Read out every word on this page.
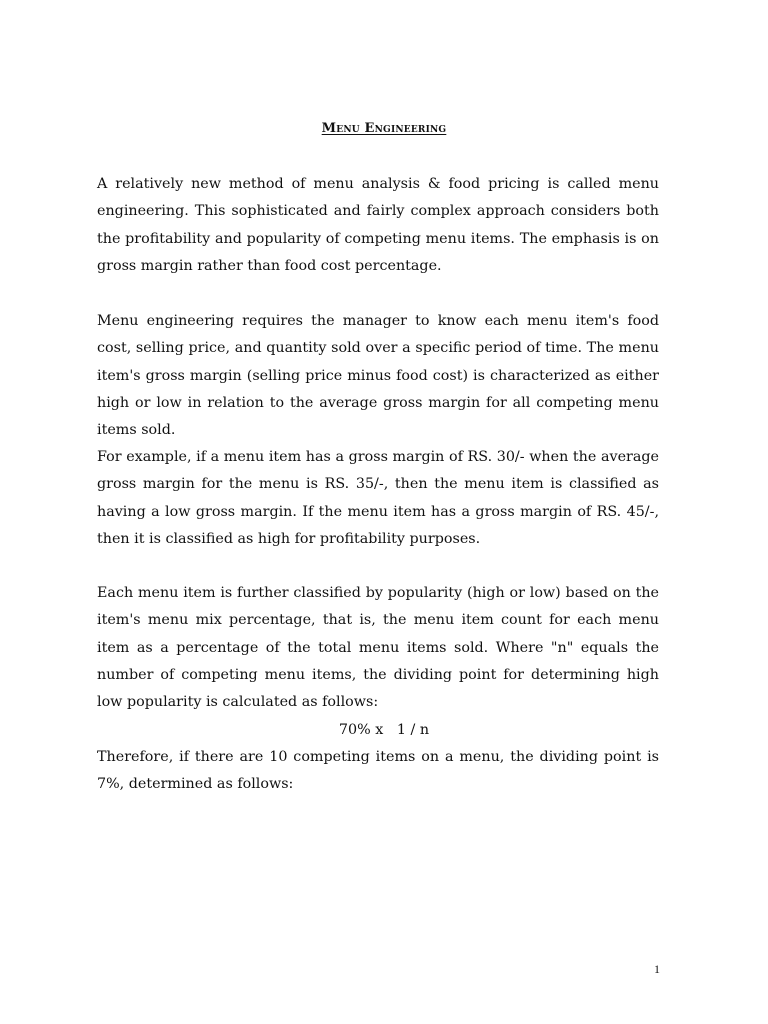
Menu Engineering

A relatively new method of menu analysis & food pricing is called menu engineering. This sophisticated and fairly complex approach considers both the profitability and popularity of competing menu items. The emphasis is on gross margin rather than food cost percentage.

Menu engineering requires the manager to know each menu item's food cost, selling price, and quantity sold over a specific period of time. The menu item's gross margin (selling price minus food cost) is characterized as either high or low in relation to the average gross margin for all competing menu items sold.

For example, if a menu item has a gross margin of RS. 30/- when the average gross margin for the menu is RS. 35/-, then the menu item is classified as having a low gross margin. If the menu item has a gross margin of RS. 45/-, then it is classified as high for profitability purposes.

Each menu item is further classified by popularity (high or low) based on the item's menu mix percentage, that is, the menu item count for each menu item as a percentage of the total menu items sold. Where "n" equals the number of competing menu items, the dividing point for determining high low popularity is calculated as follows:

70% x   1 / n

Therefore, if there are 10 competing items on a menu, the dividing point is 7%, determined as follows:

1
